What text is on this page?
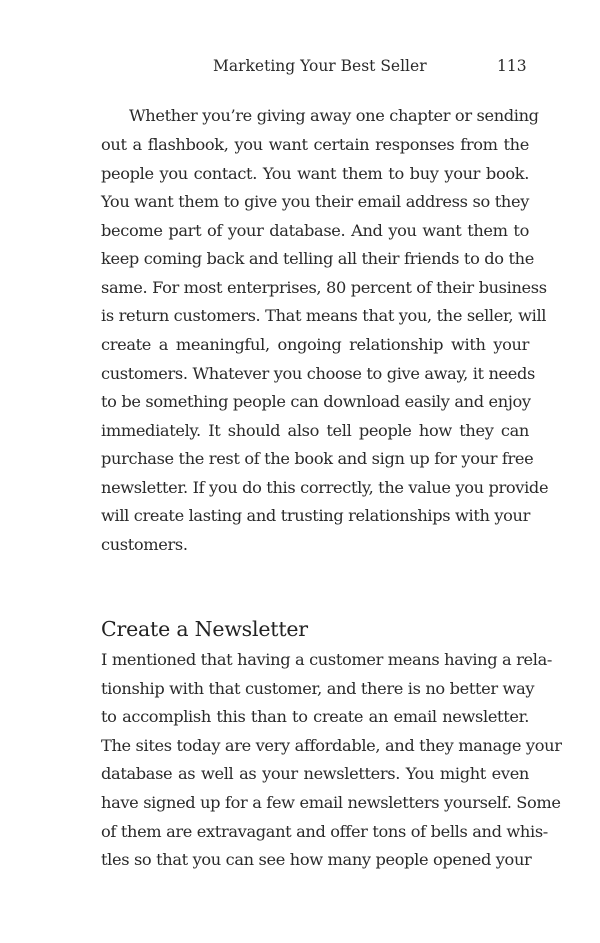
Marketing Your Best Seller	113
Whether you’re giving away one chapter or sending
out a flashbook, you want certain responses from the
people you contact. You want them to buy your book.
You want them to give you their email address so they
become part of your database. And you want them to
keep coming back and telling all their friends to do the
same. For most enterprises, 80 percent of their business
is return customers. That means that you, the seller, will
create a meaningful, ongoing relationship with your
customers. Whatever you choose to give away, it needs
to be something people can download easily and enjoy
immediately. It should also tell people how they can
purchase the rest of the book and sign up for your free
newsletter. If you do this correctly, the value you provide
will create lasting and trusting relationships with your
customers.
Create a Newsletter
I mentioned that having a customer means having a rela-
tionship with that customer, and there is no better way
to accomplish this than to create an email newsletter.
The sites today are very affordable, and they manage your
database as well as your newsletters. You might even
have signed up for a few email newsletters yourself. Some
of them are extravagant and offer tons of bells and whis-
tles so that you can see how many people opened your
